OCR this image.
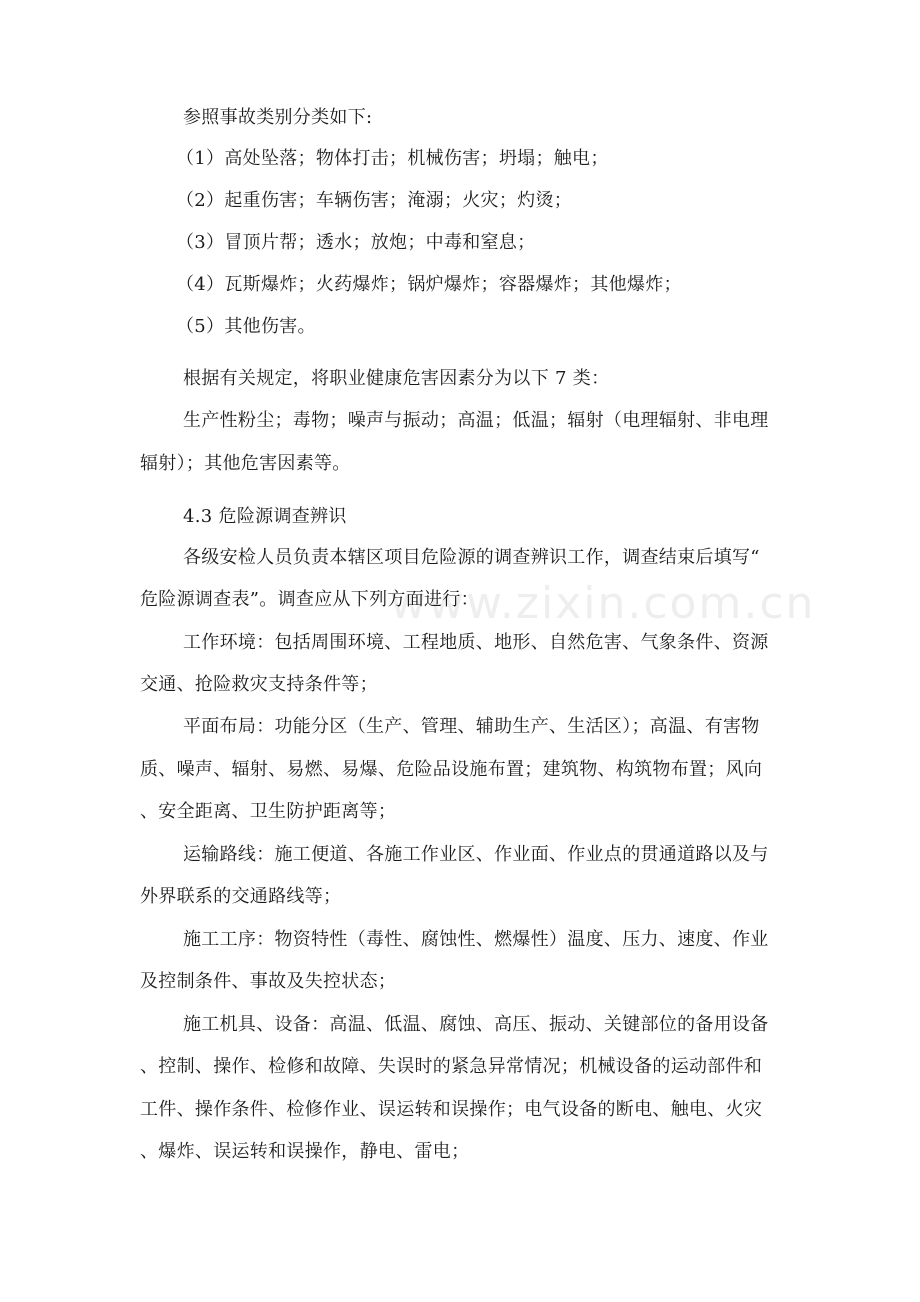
www.zixin.com.cn
参照事故类别分类如下:
（1）高处坠落；物体打击；机械伤害；坍塌；触电；
（2）起重伤害；车辆伤害；淹溺；火灾；灼烫；
（3）冒顶片帮；透水；放炮；中毒和窒息；
（4）瓦斯爆炸；火药爆炸；锅炉爆炸；容器爆炸；其他爆炸；
（5）其他伤害。
根据有关规定，将职业健康危害因素分为以下 7 类：
生产性粉尘；毒物；噪声与振动；高温；低温；辐射（电理辐射、非电理
辐射）；其他危害因素等。
4.3 危险源调查辨识
各级安检人员负责本辖区项目危险源的调查辨识工作，调查结束后填写“
危险源调查表”。调查应从下列方面进行：
工作环境：包括周围环境、工程地质、地形、自然危害、气象条件、资源
交通、抢险救灾支持条件等；
平面布局：功能分区（生产、管理、辅助生产、生活区）；高温、有害物
质、噪声、辐射、易燃、易爆、危险品设施布置；建筑物、构筑物布置；风向
、安全距离、卫生防护距离等；
运输路线：施工便道、各施工作业区、作业面、作业点的贯通道路以及与
外界联系的交通路线等；
施工工序：物资特性（毒性、腐蚀性、燃爆性）温度、压力、速度、作业
及控制条件、事故及失控状态；
施工机具、设备：高温、低温、腐蚀、高压、振动、关键部位的备用设备
、控制、操作、检修和故障、失误时的紧急异常情况；机械设备的运动部件和
工件、操作条件、检修作业、误运转和误操作；电气设备的断电、触电、火灾
、爆炸、误运转和误操作，静电、雷电；
